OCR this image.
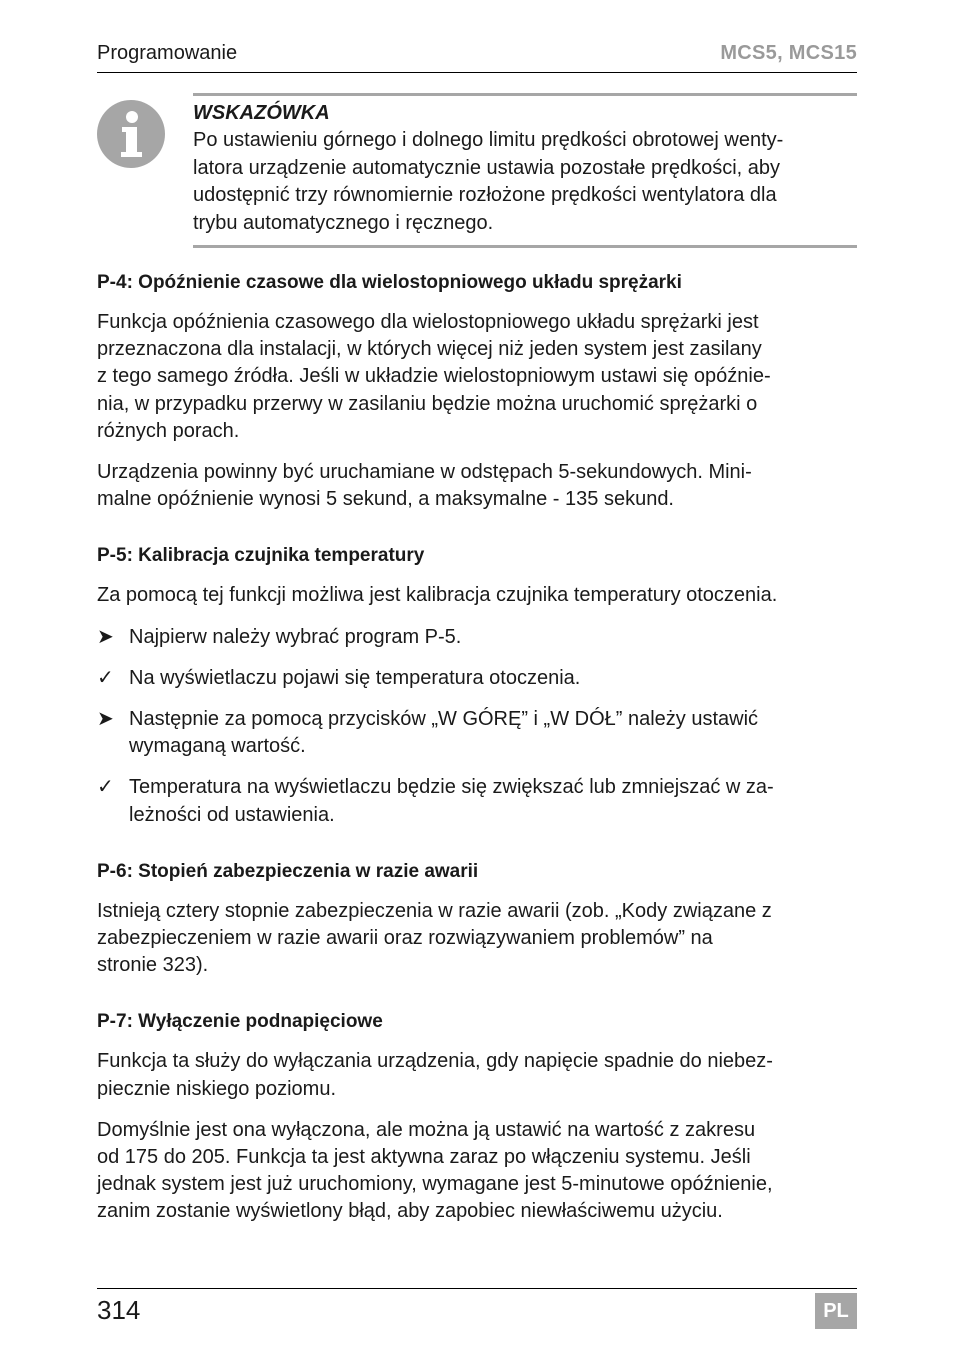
Programowanie	MCS5, MCS15

WSKAZÓWKA

Po ustawieniu górnego i dolnego limitu prędkości obrotowej wenty-

latora urządzenie automatycznie ustawia pozostałe prędkości, aby

udostępnić trzy równomiernie rozłożone prędkości wentylatora dla

trybu automatycznego i ręcznego.

P-4: Opóźnienie czasowe dla wielostopniowego układu sprężarki

Funkcja opóźnienia czasowego dla wielostopniowego układu sprężarki jest

przeznaczona dla instalacji, w których więcej niż jeden system jest zasilany

z tego samego źródła. Jeśli w układzie wielostopniowym ustawi się opóźnie-

nia, w przypadku przerwy w zasilaniu będzie można uruchomić sprężarki o

różnych porach.

Urządzenia powinny być uruchamiane w odstępach 5-sekundowych. Mini-

malne opóźnienie wynosi 5 sekund, a maksymalne - 135 sekund.

P-5: Kalibracja czujnika temperatury

Za pomocą tej funkcji możliwa jest kalibracja czujnika temperatury otoczenia.

➤ Najpierw należy wybrać program P-5.
✓ Na wyświetlaczu pojawi się temperatura otoczenia.
➤ Następnie za pomocą przycisków „W GÓRĘ” i „W DÓŁ” należy ustawić
wymaganą wartość.
✓ Temperatura na wyświetlaczu będzie się zwiększać lub zmniejszać w za-
leżności od ustawienia.
P-6: Stopień zabezpieczenia w razie awarii

Istnieją cztery stopnie zabezpieczenia w razie awarii (zob. „Kody związane z

zabezpieczeniem w razie awarii oraz rozwiązywaniem problemów” na

stronie 323).

P-7: Wyłączenie podnapięciowe

Funkcja ta służy do wyłączania urządzenia, gdy napięcie spadnie do niebez-

piecznie niskiego poziomu.

Domyślnie jest ona wyłączona, ale można ją ustawić na wartość z zakresu

od 175 do 205. Funkcja ta jest aktywna zaraz po włączeniu systemu. Jeśli

jednak system jest już uruchomiony, wymagane jest 5-minutowe opóźnienie,

zanim zostanie wyświetlony błąd, aby zapobiec niewłaściwemu użyciu.

314	PL
